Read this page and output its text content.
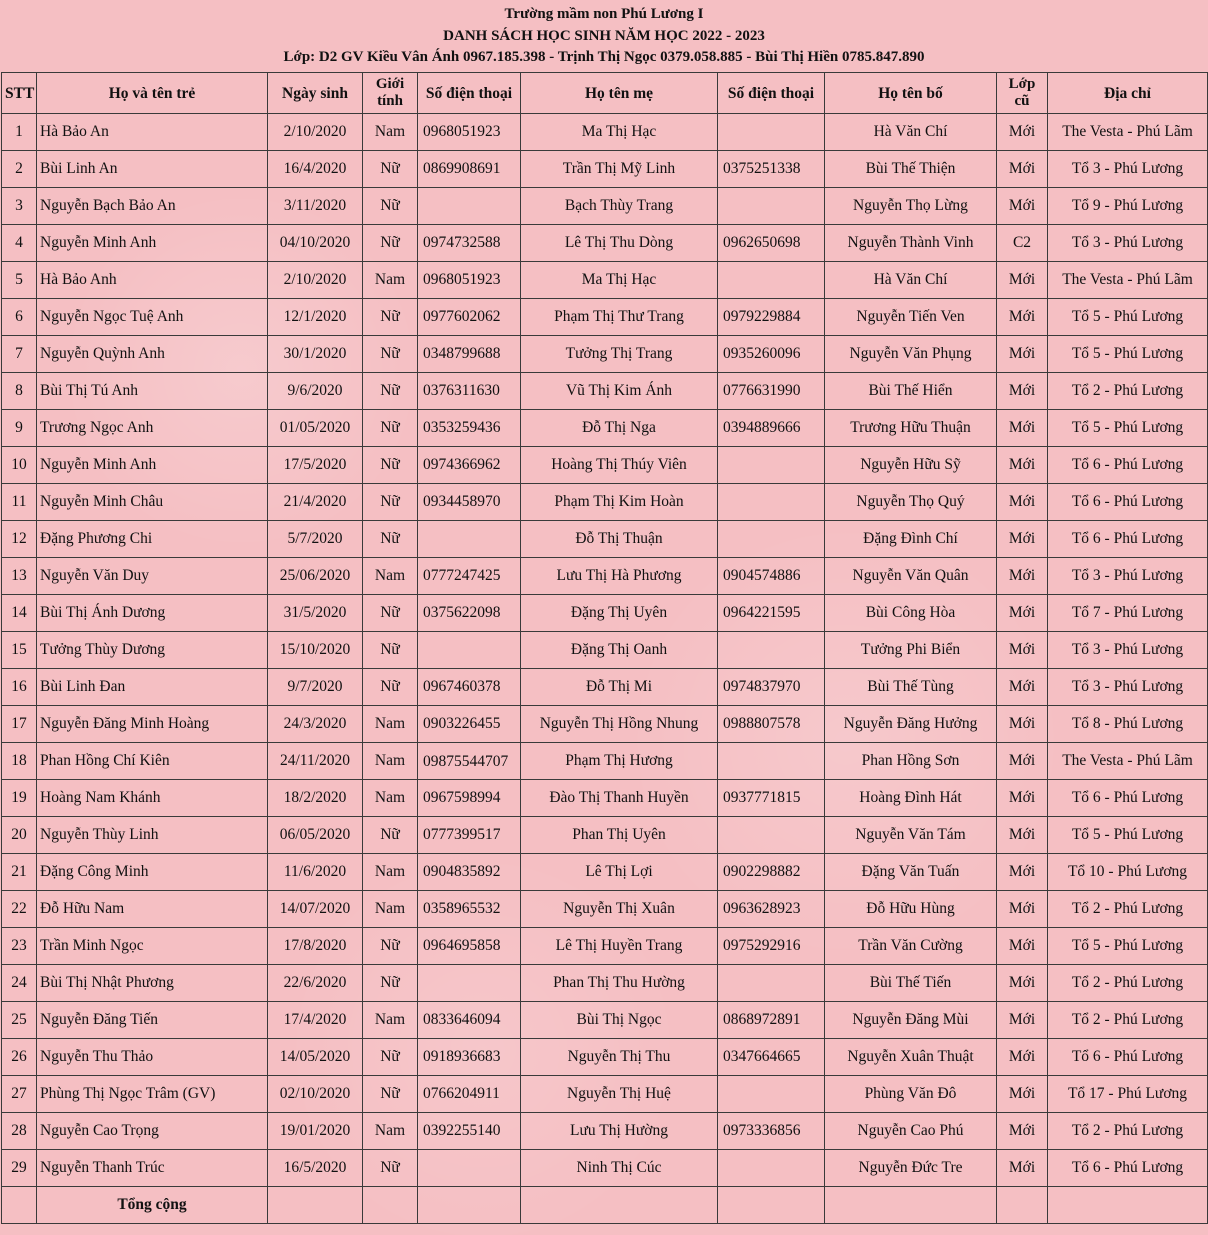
Trường mầm non Phú Lương I
DANH SÁCH HỌC SINH NĂM HỌC 2022 - 2023
Lớp: D2 GV Kiều Vân Ánh 0967.185.398 - Trịnh Thị Ngọc 0379.058.885 - Bùi Thị Hiền 0785.847.890
STT	Họ và tên trẻ	Ngày sinh	Giới tính	Số điện thoại	Họ tên mẹ	Số điện thoại	Họ tên bố	Lớp cũ	Địa chỉ
1	Hà Bảo An	2/10/2020	Nam	0968051923	Ma Thị Hạc		Hà Văn Chí	Mới	The Vesta - Phú Lãm
2	Bùi Linh An	16/4/2020	Nữ	0869908691	Trần Thị Mỹ Linh	0375251338	Bùi Thế Thiện	Mới	Tổ 3 - Phú Lương
3	Nguyễn Bạch Bảo An	3/11/2020	Nữ		Bạch Thùy Trang		Nguyễn Thọ Lừng	Mới	Tổ 9 - Phú Lương
4	Nguyễn Minh Anh	04/10/2020	Nữ	0974732588	Lê Thị Thu Dòng	0962650698	Nguyễn Thành Vinh	C2	Tổ 3 - Phú Lương
5	Hà Bảo Anh	2/10/2020	Nam	0968051923	Ma Thị Hạc		Hà Văn Chí	Mới	The Vesta - Phú Lãm
6	Nguyễn Ngọc Tuệ Anh	12/1/2020	Nữ	0977602062	Phạm Thị Thư Trang	0979229884	Nguyễn Tiến Ven	Mới	Tổ 5 - Phú Lương
7	Nguyễn Quỳnh Anh	30/1/2020	Nữ	0348799688	Tưởng Thị Trang	0935260096	Nguyễn Văn Phụng	Mới	Tổ 5 - Phú Lương
8	Bùi Thị Tú Anh	9/6/2020	Nữ	0376311630	Vũ Thị Kim Ánh	0776631990	Bùi Thế Hiển	Mới	Tổ 2 - Phú Lương
9	Trương Ngọc Anh	01/05/2020	Nữ	0353259436	Đỗ Thị Nga	0394889666	Trương Hữu Thuận	Mới	Tổ 5 - Phú Lương
10	Nguyễn Minh Anh	17/5/2020	Nữ	0974366962	Hoàng Thị Thúy Viên		Nguyễn Hữu Sỹ	Mới	Tổ 6 - Phú Lương
11	Nguyễn Minh Châu	21/4/2020	Nữ	0934458970	Phạm Thị Kim Hoàn		Nguyễn Thọ Quý	Mới	Tổ 6 - Phú Lương
12	Đặng Phương Chi	5/7/2020	Nữ		Đỗ Thị Thuận		Đặng Đình Chí	Mới	Tổ 6 - Phú Lương
13	Nguyễn Văn Duy	25/06/2020	Nam	0777247425	Lưu Thị Hà Phương	0904574886	Nguyễn Văn Quân	Mới	Tổ 3 - Phú Lương
14	Bùi Thị Ánh Dương	31/5/2020	Nữ	0375622098	Đặng Thị Uyên	0964221595	Bùi Công Hòa	Mới	Tổ 7 - Phú Lương
15	Tưởng Thùy Dương	15/10/2020	Nữ		Đặng Thị Oanh		Tưởng Phi Biển	Mới	Tổ 3 - Phú Lương
16	Bùi Linh Đan	9/7/2020	Nữ	0967460378	Đỗ Thị Mi	0974837970	Bùi Thế Tùng	Mới	Tổ 3 - Phú Lương
17	Nguyễn Đăng Minh Hoàng	24/3/2020	Nam	0903226455	Nguyễn Thị Hồng Nhung	0988807578	Nguyễn Đăng Hưởng	Mới	Tổ 8 - Phú Lương
18	Phan Hồng Chí Kiên	24/11/2020	Nam	09875544707	Phạm Thị Hương		Phan Hồng Sơn	Mới	The Vesta - Phú Lãm
19	Hoàng Nam Khánh	18/2/2020	Nam	0967598994	Đào Thị Thanh Huyền	0937771815	Hoàng Đình Hát	Mới	Tổ 6 - Phú Lương
20	Nguyễn Thùy Linh	06/05/2020	Nữ	0777399517	Phan Thị Uyên		Nguyễn Văn Tám	Mới	Tổ 5 - Phú Lương
21	Đặng Công Minh	11/6/2020	Nam	0904835892	Lê Thị Lợi	0902298882	Đặng Văn Tuấn	Mới	Tổ 10 - Phú Lương
22	Đỗ Hữu Nam	14/07/2020	Nam	0358965532	Nguyễn Thị Xuân	0963628923	Đỗ Hữu Hùng	Mới	Tổ 2 - Phú Lương
23	Trần Minh Ngọc	17/8/2020	Nữ	0964695858	Lê Thị Huyền Trang	0975292916	Trần Văn Cường	Mới	Tổ 5 - Phú Lương
24	Bùi Thị Nhật Phương	22/6/2020	Nữ		Phan Thị Thu Hường		Bùi Thế Tiến	Mới	Tổ 2 - Phú Lương
25	Nguyễn Đăng Tiến	17/4/2020	Nam	0833646094	Bùi Thị Ngọc	0868972891	Nguyễn Đăng Mùi	Mới	Tổ 2 - Phú Lương
26	Nguyễn Thu Thảo	14/05/2020	Nữ	0918936683	Nguyễn Thị Thu	0347664665	Nguyễn Xuân Thuật	Mới	Tổ 6 - Phú Lương
27	Phùng Thị Ngọc Trâm (GV)	02/10/2020	Nữ	0766204911	Nguyễn Thị Huệ		Phùng Văn Đô	Mới	Tổ 17 - Phú Lương
28	Nguyễn Cao Trọng	19/01/2020	Nam	0392255140	Lưu Thị Hường	0973336856	Nguyễn Cao Phú	Mới	Tổ 2 - Phú Lương
29	Nguyễn Thanh Trúc	16/5/2020	Nữ		Ninh Thị Cúc		Nguyễn Đức Tre	Mới	Tổ 6 - Phú Lương
	Tổng cộng								
